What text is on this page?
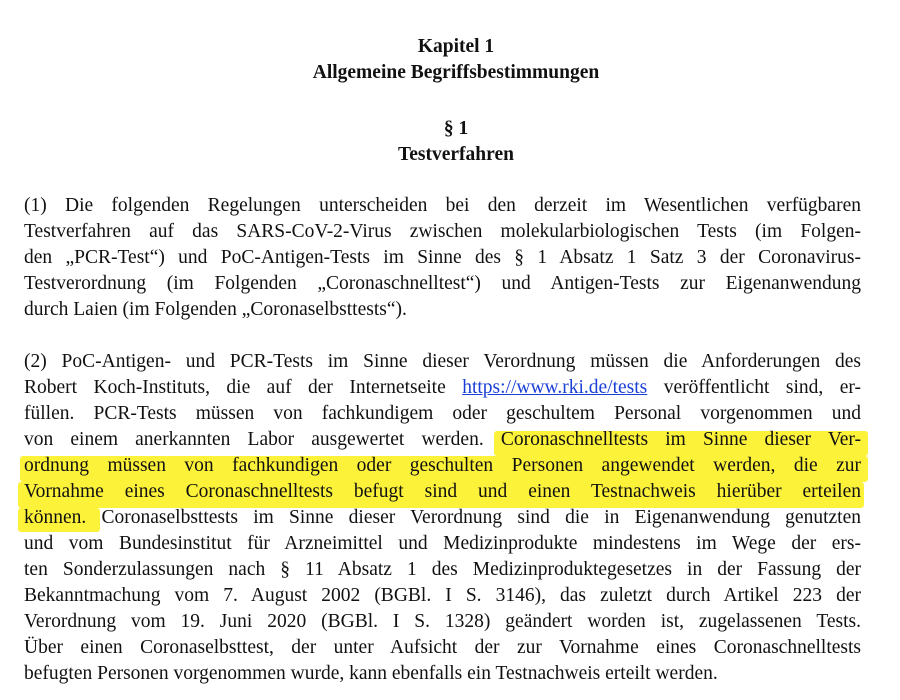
Kapitel 1
Allgemeine Begriffsbestimmungen
§ 1
Testverfahren
(1) Die folgenden Regelungen unterscheiden bei den derzeit im Wesentlichen verfügbaren
Testverfahren auf das SARS-CoV-2-Virus zwischen molekularbiologischen Tests (im Folgen-
den „PCR-Test“) und PoC-Antigen-Tests im Sinne des § 1 Absatz 1 Satz 3 der Coronavirus-
Testverordnung (im Folgenden „Coronaschnelltest“) und Antigen-Tests zur Eigenanwendung
durch Laien (im Folgenden „Coronaselbsttests“).
(2) PoC-Antigen- und PCR-Tests im Sinne dieser Verordnung müssen die Anforderungen des
Robert Koch-Instituts, die auf der Internetseite https://www.rki.de/tests veröffentlicht sind, er-
füllen. PCR-Tests müssen von fachkundigem oder geschultem Personal vorgenommen und
von einem anerkannten Labor ausgewertet werden. Coronaschnelltests im Sinne dieser Ver-
ordnung müssen von fachkundigen oder geschulten Personen angewendet werden, die zur
Vornahme eines Coronaschnelltests befugt sind und einen Testnachweis hierüber erteilen
können. Coronaselbsttests im Sinne dieser Verordnung sind die in Eigenanwendung genutzten
und vom Bundesinstitut für Arzneimittel und Medizinprodukte mindestens im Wege der ers-
ten Sonderzulassungen nach § 11 Absatz 1 des Medizinproduktegesetzes in der Fassung der
Bekanntmachung vom 7. August 2002 (BGBl. I S. 3146), das zuletzt durch Artikel 223 der
Verordnung vom 19. Juni 2020 (BGBl. I S. 1328) geändert worden ist, zugelassenen Tests.
Über einen Coronaselbsttest, der unter Aufsicht der zur Vornahme eines Coronaschnelltests
befugten Personen vorgenommen wurde, kann ebenfalls ein Testnachweis erteilt werden.
